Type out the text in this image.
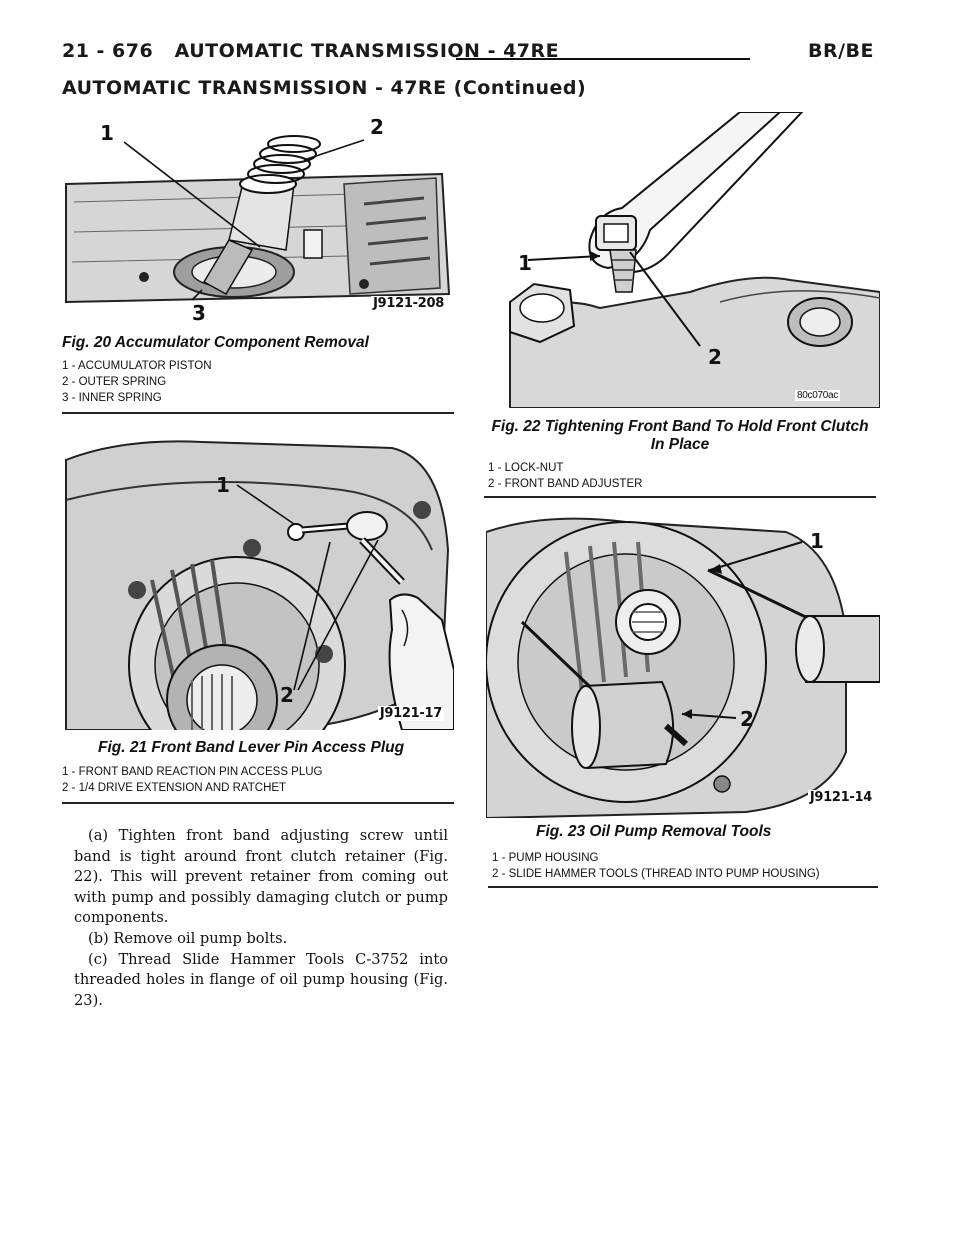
21 - 676 AUTOMATIC TRANSMISSION - 47RE	BR/BE
AUTOMATIC TRANSMISSION - 47RE (Continued)
1	2
3	J9121-208
Fig. 20 Accumulator Component Removal
1 - ACCUMULATOR PISTON
2 - OUTER SPRING
3 - INNER SPRING
1
2
J9121-17
Fig. 21 Front Band Lever Pin Access Plug
1 - FRONT BAND REACTION PIN ACCESS PLUG
2 - 1/4 DRIVE EXTENSION AND RATCHET

(a) Tighten front band adjusting screw until band is tight around front clutch retainer (Fig. 22). This will prevent retainer from coming out with pump and possibly damaging clutch or pump components.

(b) Remove oil pump bolts.

(c) Thread Slide Hammer Tools C-3752 into threaded holes in flange of oil pump housing (Fig. 23).

1
2
80c070ac
Fig. 22 Tightening Front Band To Hold Front Clutch
In Place
1 - LOCK-NUT
2 - FRONT BAND ADJUSTER
1
2
J9121-14
Fig. 23 Oil Pump Removal Tools
1 - PUMP HOUSING
2 - SLIDE HAMMER TOOLS (THREAD INTO PUMP HOUSING)
